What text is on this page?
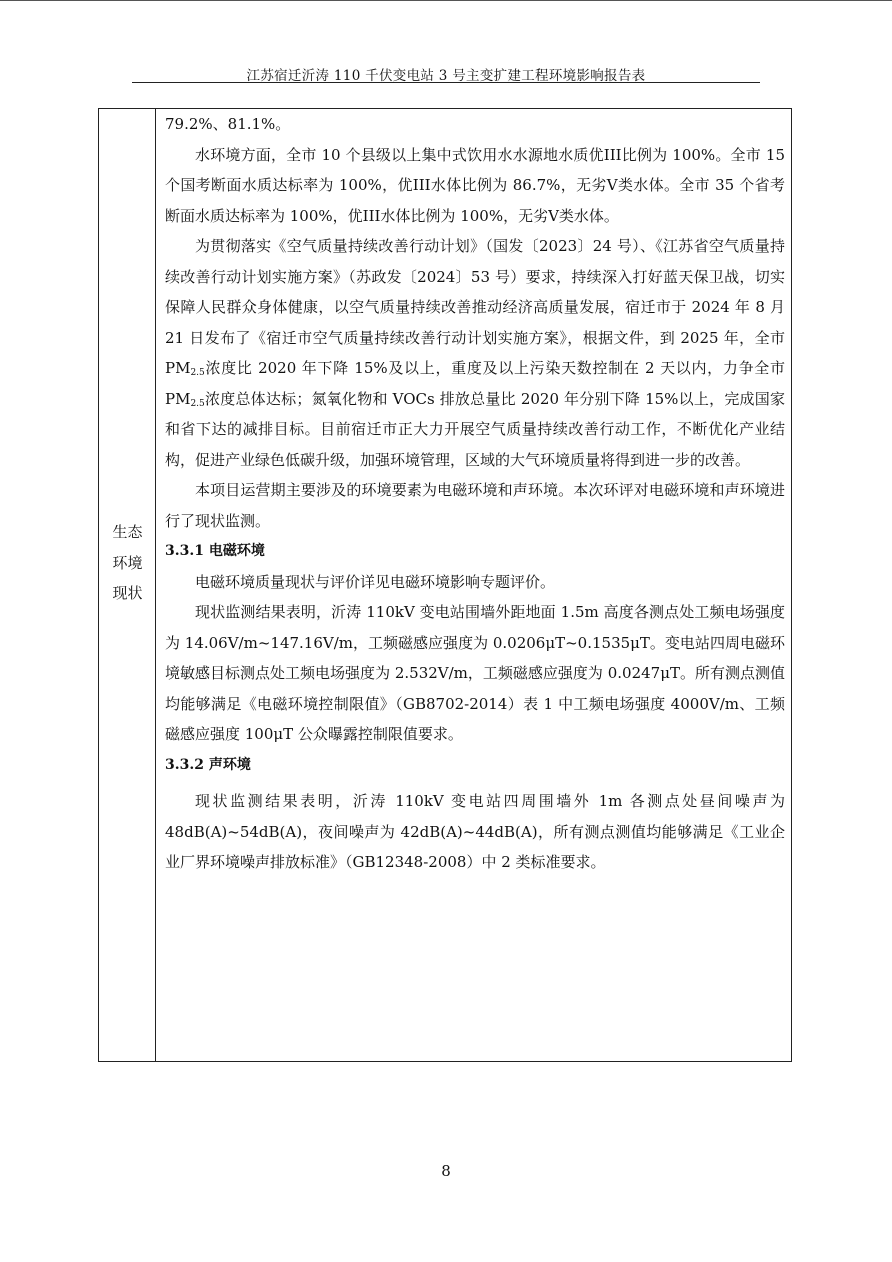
江苏宿迁沂涛 110 千伏变电站 3 号主变扩建工程环境影响报告表
生态
环境
现状

79.2%、81.1%。

水环境方面，全市 10 个县级以上集中式饮用水水源地水质优III比例为 100%。全市 15 个国考断面水质达标率为 100%，优III水体比例为 86.7%，无劣V类水体。全市 35 个省考断面水质达标率为 100%，优III水体比例为 100%，无劣V类水体。

为贯彻落实《空气质量持续改善行动计划》（国发〔2023〕24 号）、《江苏省空气质量持续改善行动计划实施方案》（苏政发〔2024〕53 号）要求，持续深入打好蓝天保卫战，切实保障人民群众身体健康，以空气质量持续改善推动经济高质量发展，宿迁市于 2024 年 8 月 21 日发布了《宿迁市空气质量持续改善行动计划实施方案》，根据文件，到 2025 年，全市 $PM_{2.5}$浓度比 2020 年下降 15%及以上，重度及以上污染天数控制在 2 天以内，力争全市 $PM_{2.5}$浓度总体达标；氮氧化物和 VOCs 排放总量比 2020 年分别下降 15%以上，完成国家和省下达的减排目标。目前宿迁市正大力开展空气质量持续改善行动工作，不断优化产业结构，促进产业绿色低碳升级，加强环境管理，区域的大气环境质量将得到进一步的改善。

本项目运营期主要涉及的环境要素为电磁环境和声环境。本次环评对电磁环境和声环境进行了现状监测。

3.3.1 电磁环境

电磁环境质量现状与评价详见电磁环境影响专题评价。

现状监测结果表明，沂涛 110kV 变电站围墙外距地面 1.5m 高度各测点处工频电场强度为 14.06V/m~147.16V/m，工频磁感应强度为 0.0206μT~0.1535μT。变电站四周电磁环境敏感目标测点处工频电场强度为 2.532V/m，工频磁感应强度为 0.0247μT。所有测点测值均能够满足《电磁环境控制限值》（GB8702-2014）表 1 中工频电场强度 4000V/m、工频磁感应强度 100μT 公众曝露控制限值要求。

3.3.2 声环境

现状监测结果表明，沂涛 110kV 变电站四周围墙外 1m 各测点处昼间噪声为 48dB(A)~54dB(A)，夜间噪声为 42dB(A)~44dB(A)，所有测点测值均能够满足《工业企业厂界环境噪声排放标准》（GB12348-2008）中 2 类标准要求。

8
